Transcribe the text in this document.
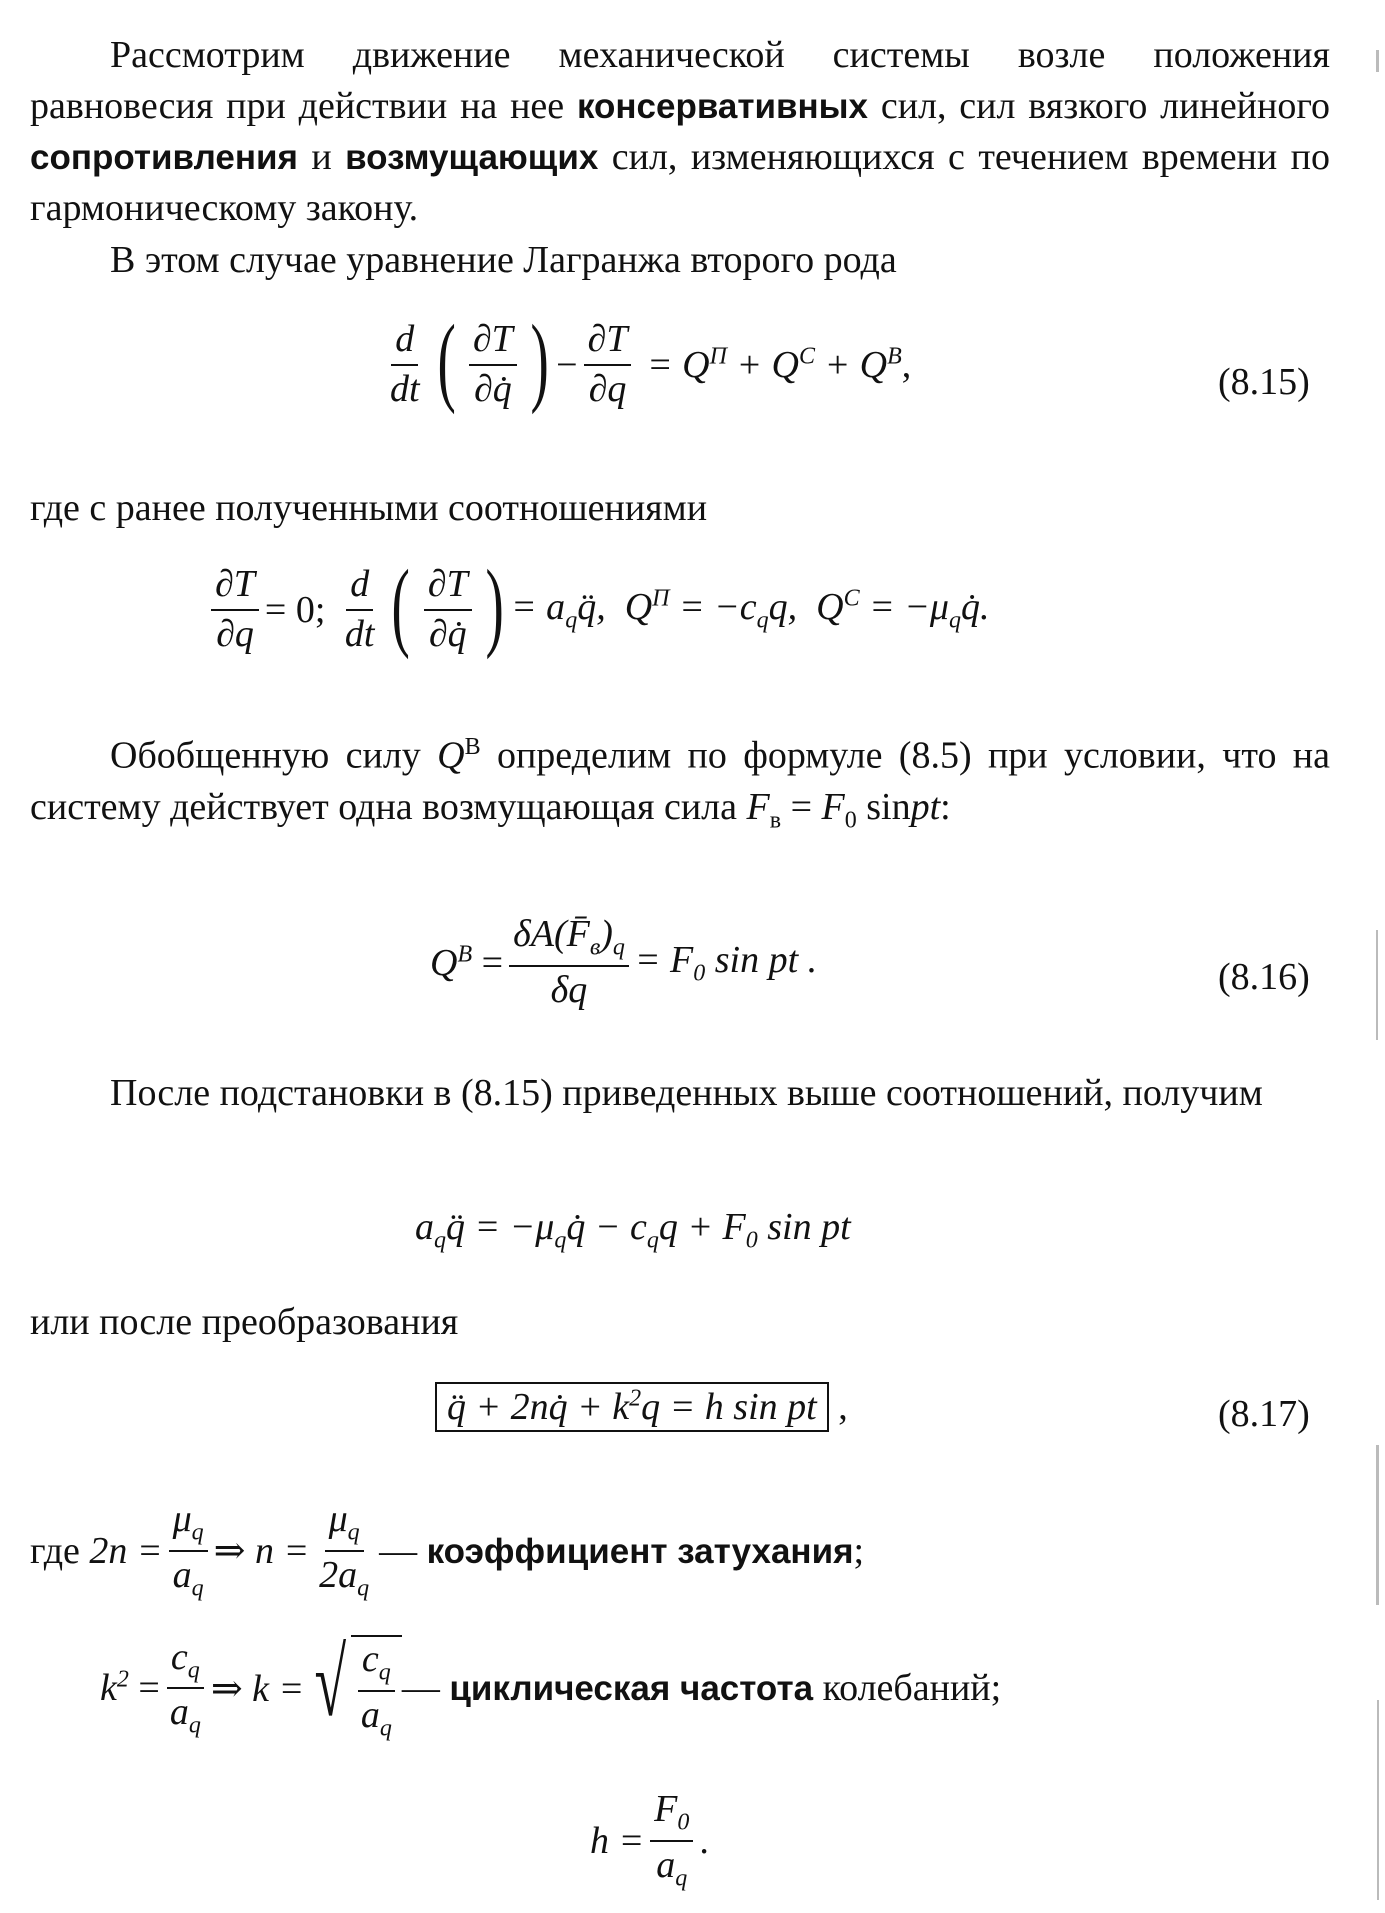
Рассмотрим движение механической системы возле положения равновесия при действии на нее консервативных сил, сил вязкого линейного сопротивления и возмущающих сил, изменяющихся с течением времени по гармоническому закону.
В этом случае уравнение Лагранжа второго рода
$\frac{d}{dt}$ ( $\frac{\partial T}{\partial q̇}$ ) − $\frac{\partial T}{\partial q} = Q^П + Q^C + Q^B$,	(8.15)
где с ранее полученными соотношениями
$\frac{\partial T}{\partial q} = 0$;
$\frac{d}{dt}$ ( $\frac{\partial T}{\partial q̇}$ ) = $a_qq̈$, $Q^П = -c_qq$, $Q^C$ = $-\mu_qq̇$.
Обобщенную силу $Q^B$ определим по формуле (8.5) при условии, что на систему действует одна возмущающая сила $F_в = F_0$ sinpt:
$Q^B = \frac{\delta A(F̄_в)_q}{\delta q} = F_0$ sin pt .	(8.16)
После подстановки в (8.15) приведенных выше соотношений, получим
$a_qq̈$ = $-\mu_qq̇ - c_qq + F_0$ sin pt
или после преобразования
q̈ + 2nq̇ + $k^2q = h$ sin pt ,	(8.17)
где
$2n = \frac{\mu_q}{a_q}$ ⇒ $n = \frac{\mu_q}{2a_q}$ — коэффициент затухания;
$k^2 = \frac{c_q}{a_q}$ ⇒ k = √ $\frac{c_q}{a_q}$ — циклическая частота колебаний;
$h = \frac{F_0}{a_q}$ .
